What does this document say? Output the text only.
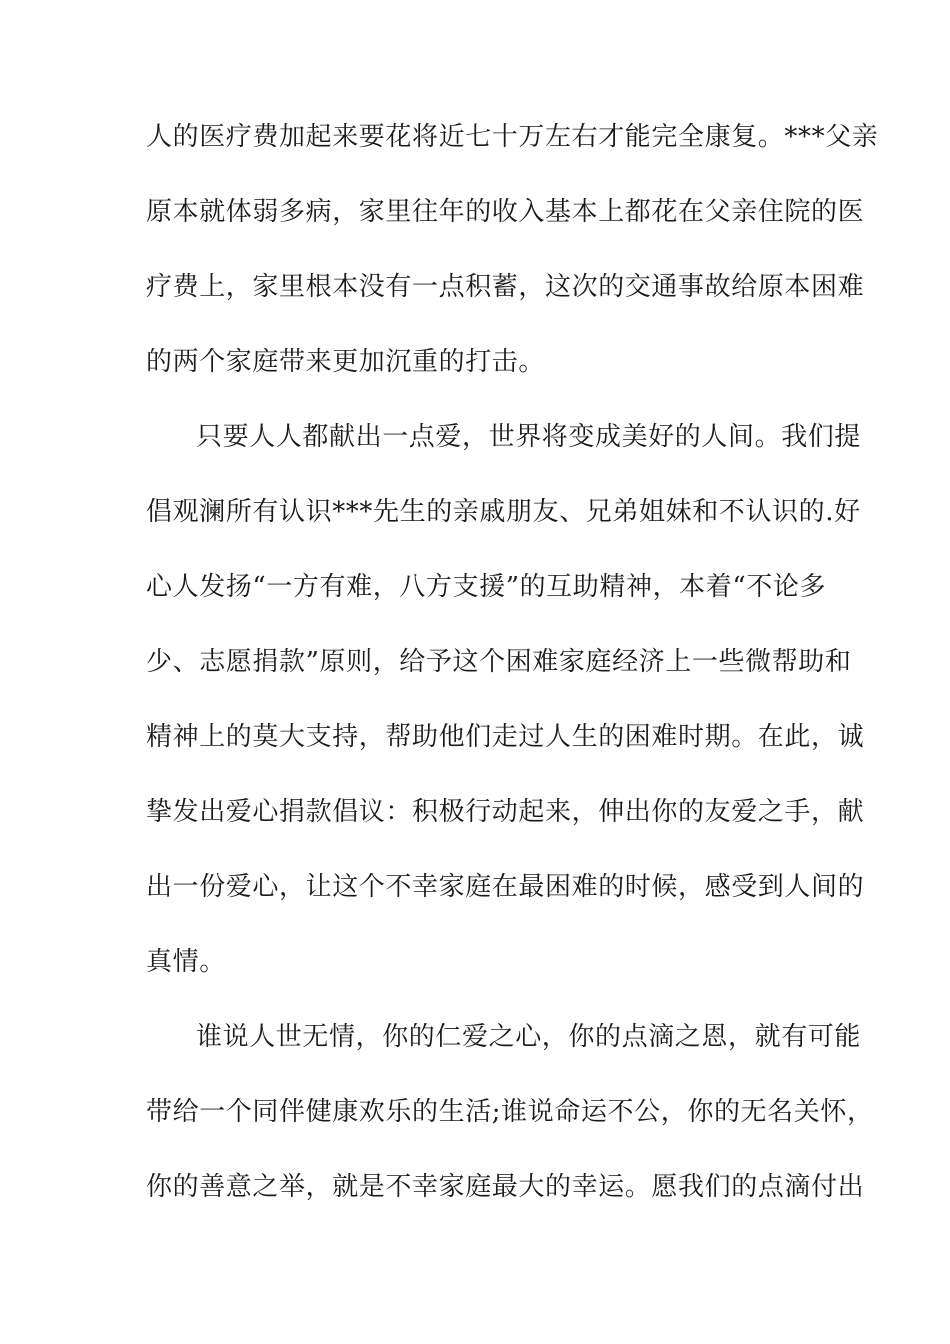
人的医疗费加起来要花将近七十万左右才能完全康复。***父亲
原本就体弱多病，家里往年的收入基本上都花在父亲住院的医
疗费上，家里根本没有一点积蓄，这次的交通事故给原本困难
的两个家庭带来更加沉重的打击。
只要人人都献出一点爱，世界将变成美好的人间。我们提
倡观澜所有认识***先生的亲戚朋友、兄弟姐妹和不认识的.好
心人发扬“一方有难，八方支援”的互助精神，本着“不论多
少、志愿捐款”原则，给予这个困难家庭经济上一些微帮助和
精神上的莫大支持，帮助他们走过人生的困难时期。在此，诚
挚发出爱心捐款倡议：积极行动起来，伸出你的友爱之手，献
出一份爱心，让这个不幸家庭在最困难的时候，感受到人间的
真情。
谁说人世无情，你的仁爱之心，你的点滴之恩，就有可能
带给一个同伴健康欢乐的生活;谁说命运不公，你的无名关怀，
你的善意之举，就是不幸家庭最大的幸运。愿我们的点滴付出
